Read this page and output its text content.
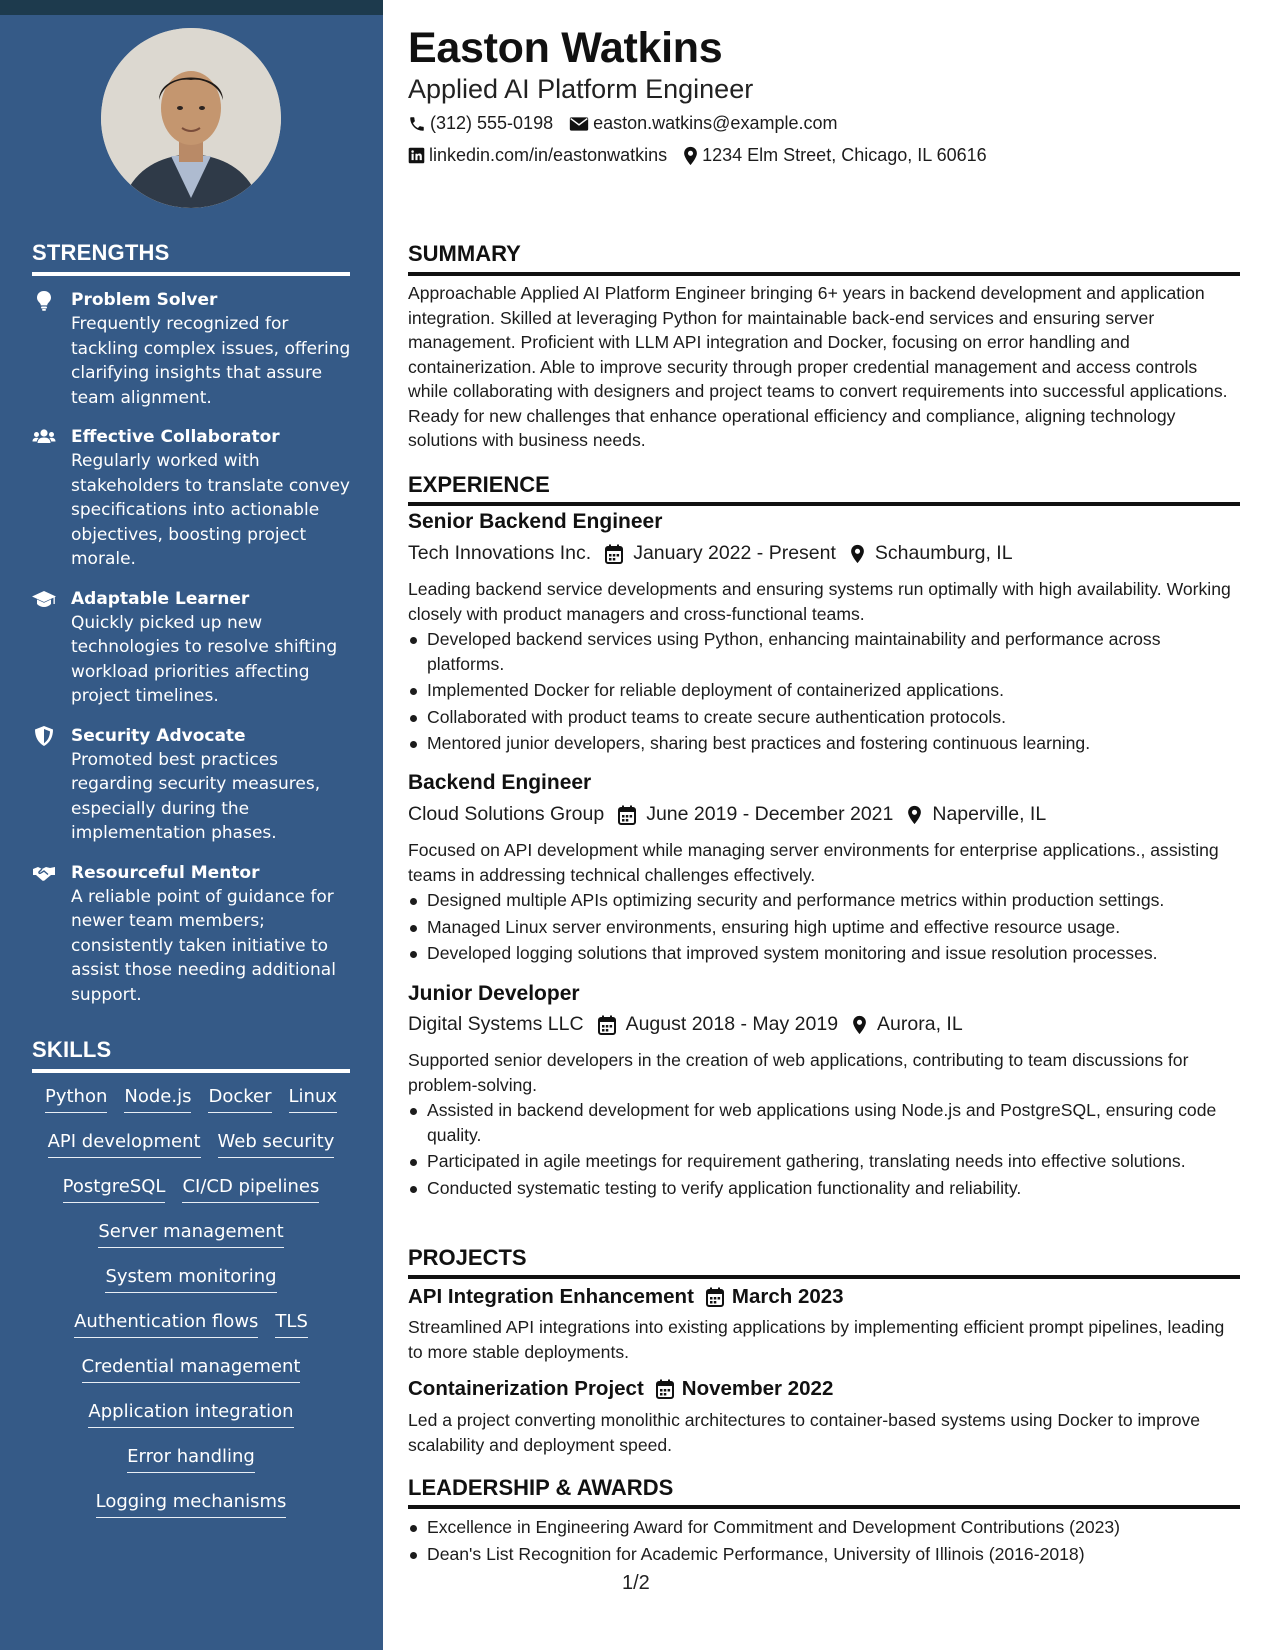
STRENGTHS
Problem Solver
Frequently recognized for tackling complex issues, offering clarifying insights that assure team alignment.
Effective Collaborator
Regularly worked with stakeholders to translate convey specifications into actionable objectives, boosting project morale.
Adaptable Learner
Quickly picked up new technologies to resolve shifting workload priorities affecting project timelines.
Security Advocate
Promoted best practices regarding security measures, especially during the implementation phases.
Resourceful Mentor
A reliable point of guidance for newer team members; consistently taken initiative to assist those needing additional support.
SKILLS
Python Node.js Docker Linux
API development Web security
PostgreSQL CI/CD pipelines
Server management
System monitoring
Authentication flows TLS
Credential management
Application integration
Error handling
Logging mechanisms
Easton Watkins
Applied AI Platform Engineer
(312) 555-0198 easton.watkins@example.com
linkedin.com/in/eastonwatkins 1234 Elm Street, Chicago, IL 60616
SUMMARY
Approachable Applied AI Platform Engineer bringing 6+ years in backend development and application integration. Skilled at leveraging Python for maintainable back-end services and ensuring server management. Proficient with LLM API integration and Docker, focusing on error handling and containerization. Able to improve security through proper credential management and access controls while collaborating with designers and project teams to convert requirements into successful applications. Ready for new challenges that enhance operational efficiency and compliance, aligning technology solutions with business needs.
EXPERIENCE
Senior Backend Engineer
Tech Innovations Inc. January 2022 - Present Schaumburg, IL
Leading backend service developments and ensuring systems run optimally with high availability. Working closely with product managers and cross-functional teams.
Developed backend services using Python, enhancing maintainability and performance across platforms.
Implemented Docker for reliable deployment of containerized applications.
Collaborated with product teams to create secure authentication protocols.
Mentored junior developers, sharing best practices and fostering continuous learning.
Backend Engineer
Cloud Solutions Group June 2019 - December 2021 Naperville, IL
Focused on API development while managing server environments for enterprise applications., assisting teams in addressing technical challenges effectively.
Designed multiple APIs optimizing security and performance metrics within production settings.
Managed Linux server environments, ensuring high uptime and effective resource usage.
Developed logging solutions that improved system monitoring and issue resolution processes.
Junior Developer
Digital Systems LLC August 2018 - May 2019 Aurora, IL
Supported senior developers in the creation of web applications, contributing to team discussions for problem-solving.
Assisted in backend development for web applications using Node.js and PostgreSQL, ensuring code quality.
Participated in agile meetings for requirement gathering, translating needs into effective solutions.
Conducted systematic testing to verify application functionality and reliability.
PROJECTS
API Integration Enhancement March 2023
Streamlined API integrations into existing applications by implementing efficient prompt pipelines, leading to more stable deployments.
Containerization Project November 2022
Led a project converting monolithic architectures to container-based systems using Docker to improve scalability and deployment speed.
LEADERSHIP & AWARDS
Excellence in Engineering Award for Commitment and Development Contributions (2023)
Dean's List Recognition for Academic Performance, University of Illinois (2016-2018)
1/2
